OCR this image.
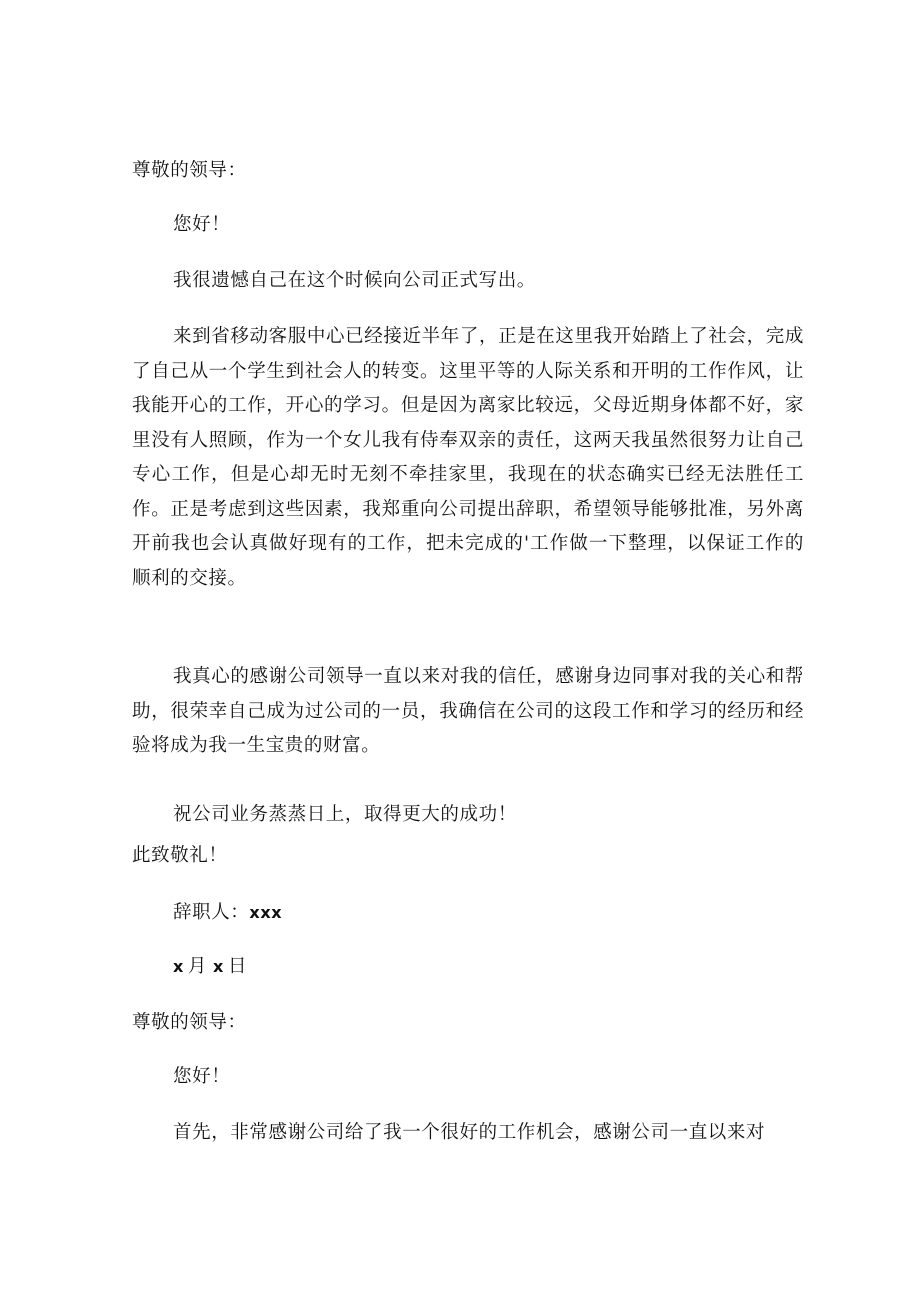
尊敬的领导：
您好！
我很遗憾自己在这个时候向公司正式写出。
来到省移动客服中心已经接近半年了，正是在这里我开始踏上了社会，完成了自己从一个学生到社会人的转变。这里平等的人际关系和开明的工作作风，让我能开心的工作，开心的学习。但是因为离家比较远，父母近期身体都不好，家里没有人照顾，作为一个女儿我有侍奉双亲的责任，这两天我虽然很努力让自己专心工作，但是心却无时无刻不牵挂家里，我现在的状态确实已经无法胜任工作。正是考虑到这些因素，我郑重向公司提出辞职，希望领导能够批准，另外离开前我也会认真做好现有的工作，把未完成的'工作做一下整理，以保证工作的顺利的交接。
我真心的感谢公司领导一直以来对我的信任，感谢身边同事对我的关心和帮助，很荣幸自己成为过公司的一员，我确信在公司的这段工作和学习的经历和经验将成为我一生宝贵的财富。
祝公司业务蒸蒸日上，取得更大的成功！
此致敬礼！
辞职人：xxx
x 月 x 日
尊敬的领导：
您好！
首先，非常感谢公司给了我一个很好的工作机会，感谢公司一直以来对
